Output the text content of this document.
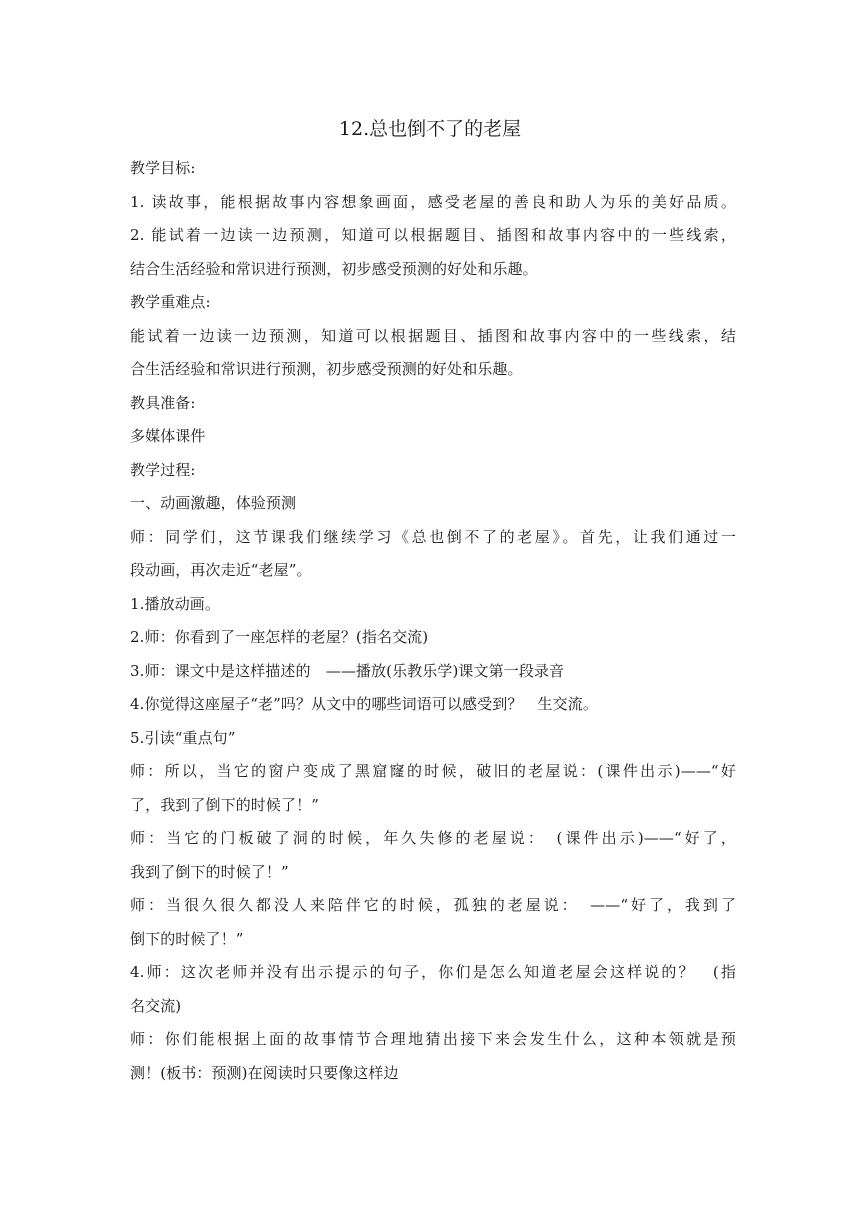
12.总也倒不了的老屋

教学目标:

1. 读故事，能根据故事内容想象画面，感受老屋的善良和助人为乐的美好品质。

2. 能试着一边读一边预测，知道可以根据题目、插图和故事内容中的一些线索，

结合生活经验和常识进行预测，初步感受预测的好处和乐趣。

教学重难点:

能试着一边读一边预测，知道可以根据题目、插图和故事内容中的一些线索，结

合生活经验和常识进行预测，初步感受预测的好处和乐趣。

教具准备:

多媒体课件

教学过程:

一、动画激趣，体验预测

师：同学们，这节课我们继续学习《总也倒不了的老屋》。首先，让我们通过一

段动画，再次走近“老屋”。

1.播放动画。

2.师：你看到了一座怎样的老屋？(指名交流)

3.师：课文中是这样描述的　——播放(乐教乐学)课文第一段录音

4.你觉得这座屋子“老”吗？从文中的哪些词语可以感受到？　生交流。

5.引读“重点句”

师：所以，当它的窗户变成了黑窟窿的时候，破旧的老屋说：(课件出示)——“好

了，我到了倒下的时候了！”

师：当它的门板破了洞的时候，年久失修的老屋说：　(课件出示)——“好了，

我到了倒下的时候了！”

师：当很久很久都没人来陪伴它的时候，孤独的老屋说：　——“好了，我到了

倒下的时候了！”

4.师：这次老师并没有出示提示的句子，你们是怎么知道老屋会这样说的？　(指

名交流)

师：你们能根据上面的故事情节合理地猜出接下来会发生什么，这种本领就是预

测！(板书：预测)在阅读时只要像这样边
